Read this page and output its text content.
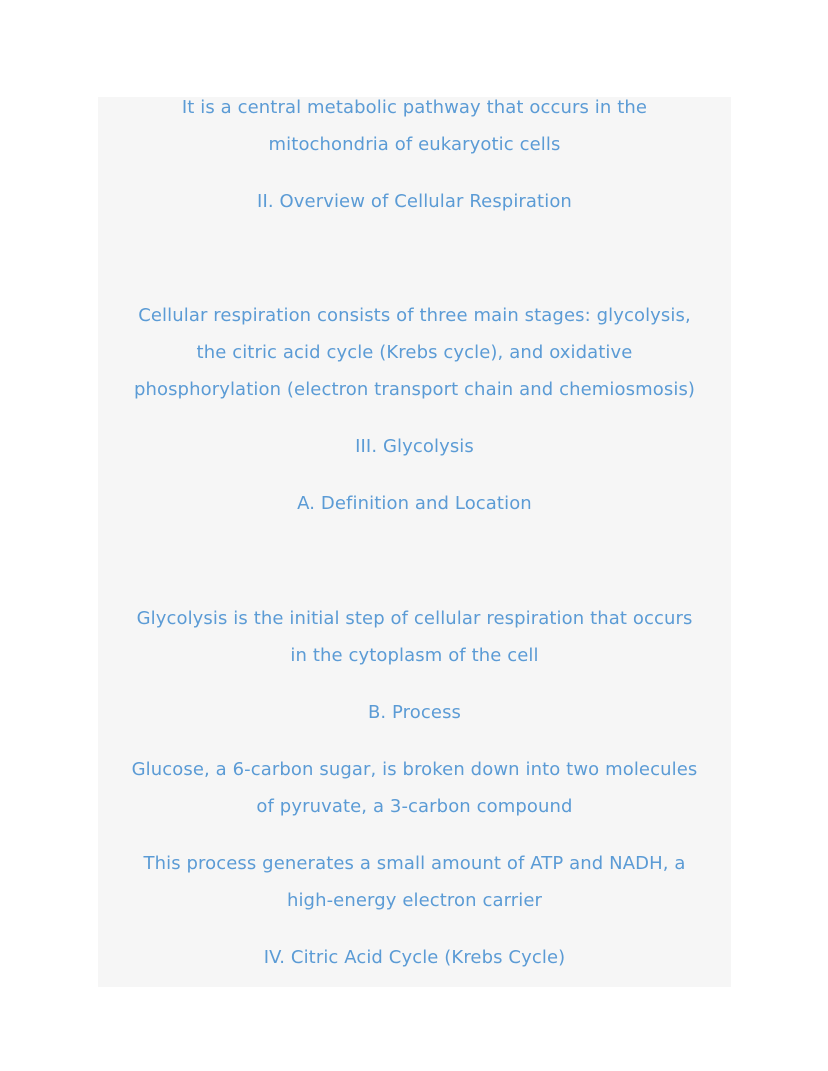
It is a central metabolic pathway that occurs in the
mitochondria of eukaryotic cells
II. Overview of Cellular Respiration
Cellular respiration consists of three main stages: glycolysis,
the citric acid cycle (Krebs cycle), and oxidative
phosphorylation (electron transport chain and chemiosmosis)
III. Glycolysis
A. Definition and Location
Glycolysis is the initial step of cellular respiration that occurs
in the cytoplasm of the cell
B. Process
Glucose, a 6-carbon sugar, is broken down into two molecules
of pyruvate, a 3-carbon compound
This process generates a small amount of ATP and NADH, a
high-energy electron carrier
IV. Citric Acid Cycle (Krebs Cycle)
